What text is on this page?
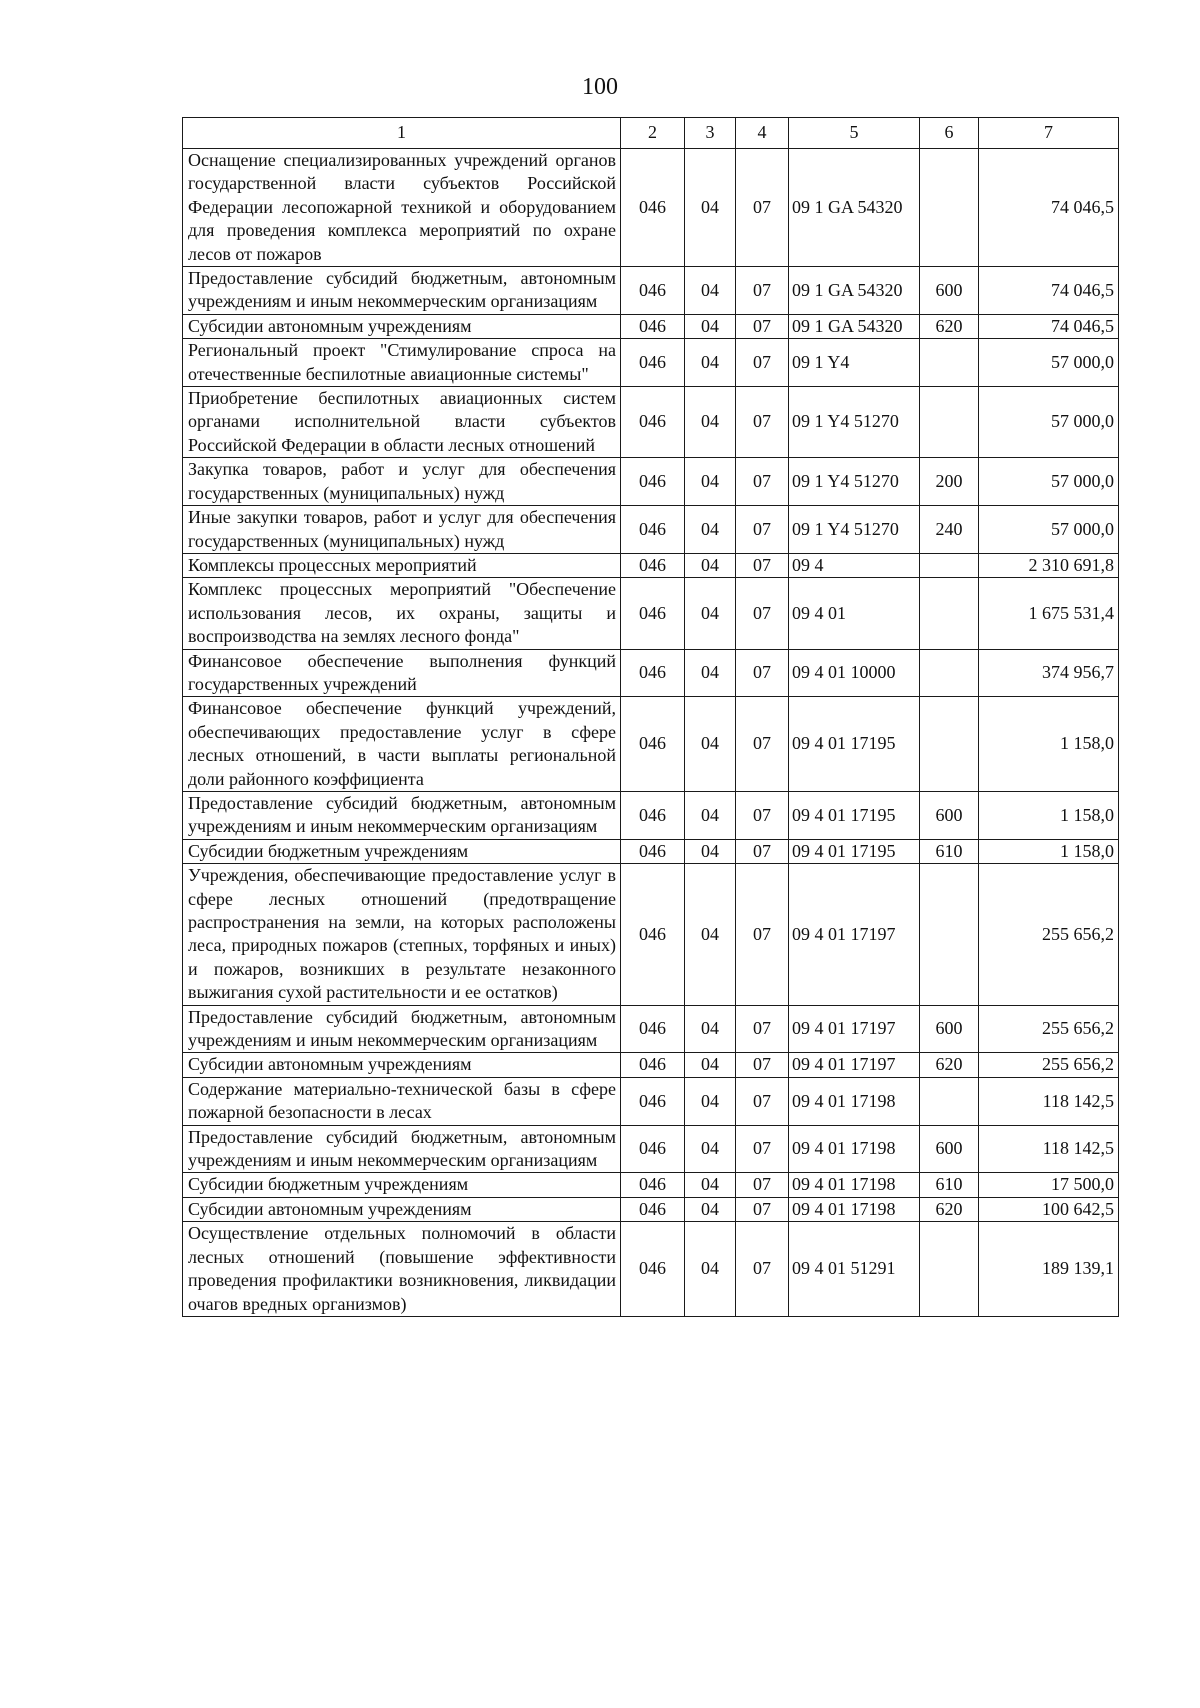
100
1	2	3	4	5	6	7
Оснащение специализированных учреждений органов государственной власти субъектов Российской Федерации лесопожарной техникой и оборудованием для проведения комплекса мероприятий по охране лесов от пожаров	046	04	07	09 1 GA 54320		74 046,5
Предоставление субсидий бюджетным, автономным учреждениям и иным некоммерческим организациям	046	04	07	09 1 GA 54320	600	74 046,5
Субсидии автономным учреждениям	046	04	07	09 1 GA 54320	620	74 046,5
Региональный проект "Стимулирование спроса на отечественные беспилотные авиационные системы"	046	04	07	09 1 Y4		57 000,0
Приобретение беспилотных авиационных систем органами исполнительной власти субъектов Российской Федерации в области лесных отношений	046	04	07	09 1 Y4 51270		57 000,0
Закупка товаров, работ и услуг для обеспечения государственных (муниципальных) нужд	046	04	07	09 1 Y4 51270	200	57 000,0
Иные закупки товаров, работ и услуг для обеспечения государственных (муниципальных) нужд	046	04	07	09 1 Y4 51270	240	57 000,0
Комплексы процессных мероприятий	046	04	07	09 4		2 310 691,8
Комплекс процессных мероприятий "Обеспечение использования лесов, их охраны, защиты и воспроизводства на землях лесного фонда"	046	04	07	09 4 01		1 675 531,4
Финансовое обеспечение выполнения функций государственных учреждений	046	04	07	09 4 01 10000		374 956,7
Финансовое обеспечение функций учреждений, обеспечивающих предоставление услуг в сфере лесных отношений, в части выплаты региональной доли районного коэффициента	046	04	07	09 4 01 17195		1 158,0
Предоставление субсидий бюджетным, автономным учреждениям и иным некоммерческим организациям	046	04	07	09 4 01 17195	600	1 158,0
Субсидии бюджетным учреждениям	046	04	07	09 4 01 17195	610	1 158,0
Учреждения, обеспечивающие предоставление услуг в сфере лесных отношений (предотвращение распространения на земли, на которых расположены леса, природных пожаров (степных, торфяных и иных) и пожаров, возникших в результате незаконного выжигания сухой растительности и ее остатков)	046	04	07	09 4 01 17197		255 656,2
Предоставление субсидий бюджетным, автономным учреждениям и иным некоммерческим организациям	046	04	07	09 4 01 17197	600	255 656,2
Субсидии автономным учреждениям	046	04	07	09 4 01 17197	620	255 656,2
Содержание материально-технической базы в сфере пожарной безопасности в лесах	046	04	07	09 4 01 17198		118 142,5
Предоставление субсидий бюджетным, автономным учреждениям и иным некоммерческим организациям	046	04	07	09 4 01 17198	600	118 142,5
Субсидии бюджетным учреждениям	046	04	07	09 4 01 17198	610	17 500,0
Субсидии автономным учреждениям	046	04	07	09 4 01 17198	620	100 642,5
Осуществление отдельных полномочий в области лесных отношений (повышение эффективности проведения профилактики возникновения, ликвидации очагов вредных организмов)	046	04	07	09 4 01 51291		189 139,1
